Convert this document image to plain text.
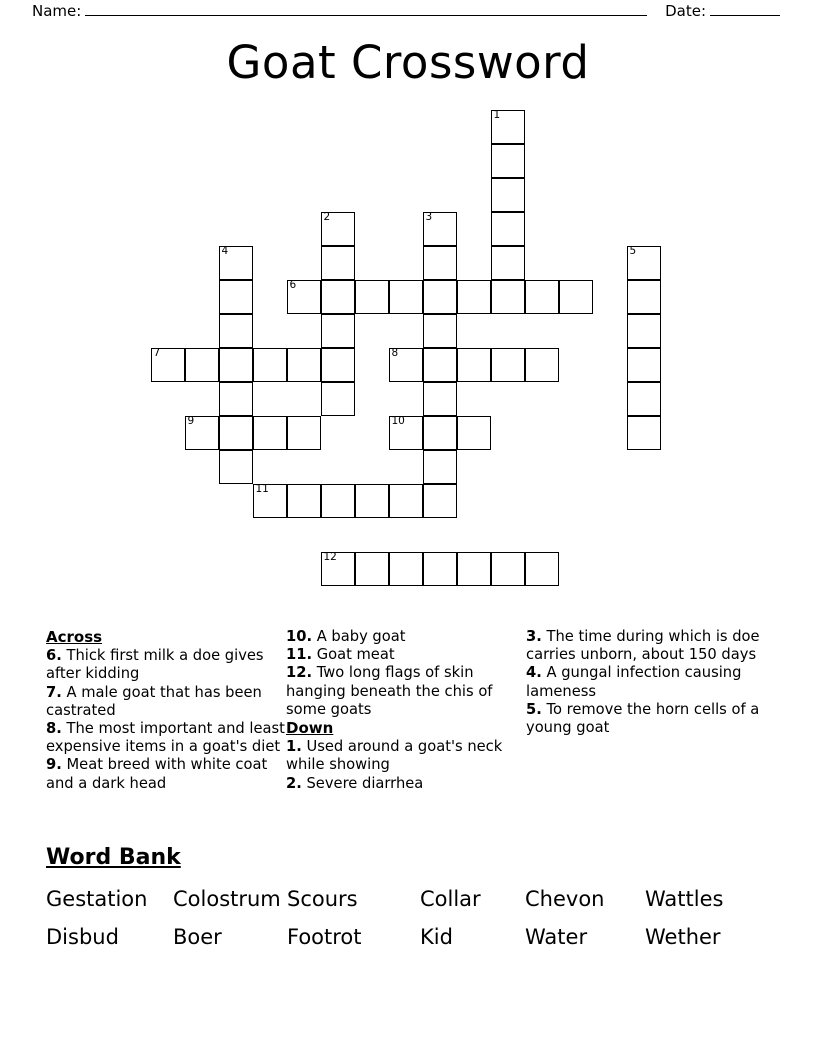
Name:	Date:
Goat Crossword
1
2	3
4	5
6
7	8
9	10
11
12
Across

6. Thick first milk a doe gives after kidding

7. A male goat that has been castrated

8. The most important and least expensive items in a goat's diet

9. Meat breed with white coat and a dark head

10. A baby goat

11. Goat meat

12. Two long flags of skin hanging beneath the chis of some goats

Down

1. Used around a goat's neck while showing

2. Severe diarrhea

3. The time during which is doe carries unborn, about 150 days

4. A gungal infection causing lameness

5. To remove the horn cells of a young goat

Word Bank
Gestation	Colostrum Scours	Collar	Chevon	Wattles
Disbud	Boer	Footrot	Kid	Water	Wether
